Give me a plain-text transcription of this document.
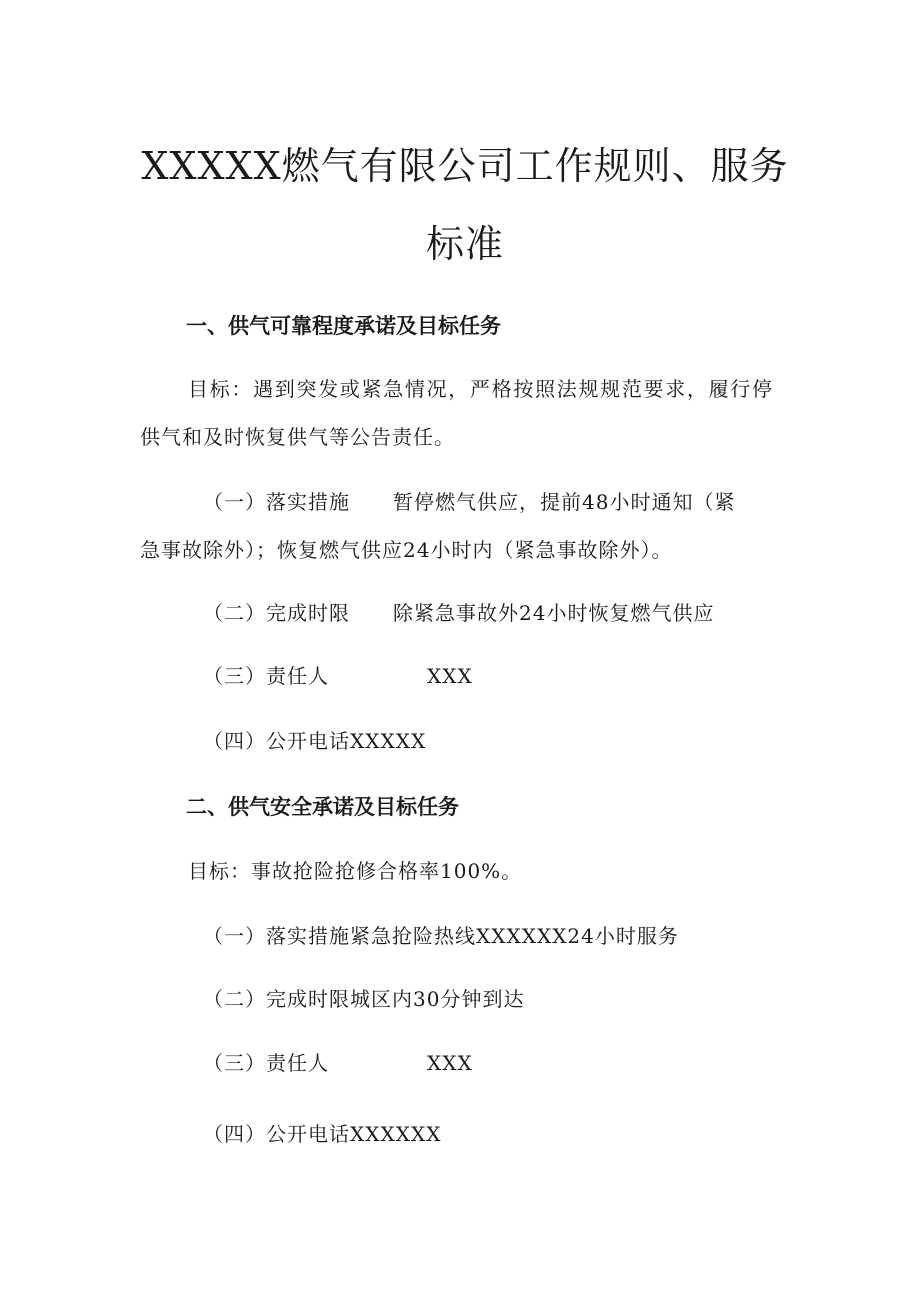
XXXXX燃气有限公司工作规则、服务
标准
一、供气可靠程度承诺及目标任务
目标：遇到突发或紧急情况，严格按照法规规范要求，履行停
供气和及时恢复供气等公告责任。
（一）落实措施 暂停燃气供应，提前48小时通知（紧
急事故除外）；恢复燃气供应24小时内（紧急事故除外）。
（二）完成时限 除紧急事故外24小时恢复燃气供应
（三）责任人	XXX
（四）公开电话XXXXX
二、供气安全承诺及目标任务
目标：事故抢险抢修合格率100%。
（一）落实措施紧急抢险热线XXXXXX24小时服务
（二）完成时限城区内30分钟到达
（三）责任人	XXX
（四）公开电话XXXXXX
